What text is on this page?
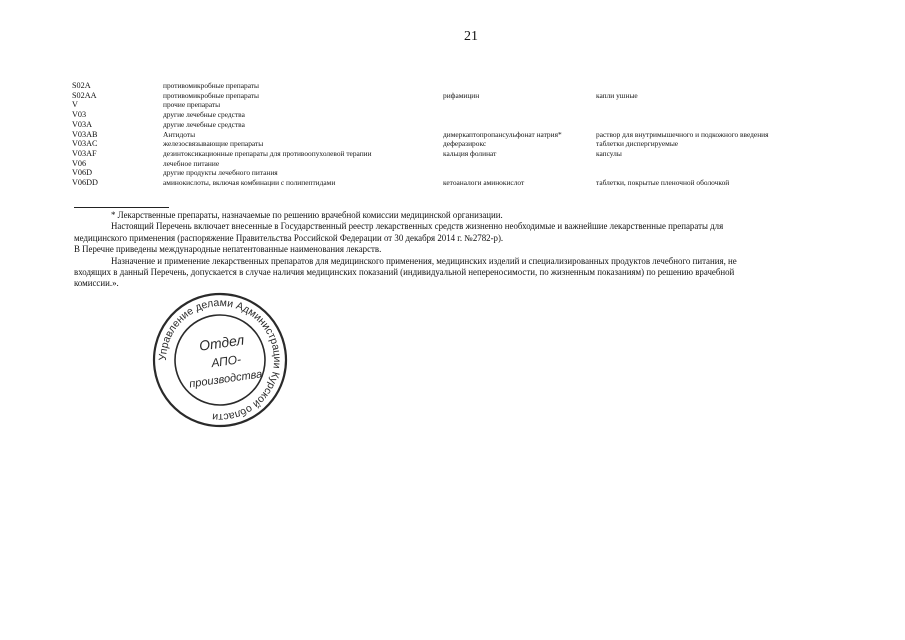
21
S02A	противомикробные препараты		
S02AA	противомикробные препараты	рифамицин	капли ушные
V	прочие препараты		
V03	другие лечебные средства		
V03A	другие лечебные средства		
V03AB	Антидоты	димеркаптопропансульфонат натрия*	раствор для внутримышечного и подкожного введения
V03AC	железосвязывающие препараты	деферазирокс	таблетки диспергируемые
V03AF	дезинтоксикационные препараты для противоопухолевой терапии	кальция фолинат	капсулы
V06	лечебное питание		
V06D	другие продукты лечебного питания		
V06DD	аминокислоты, включая комбинации с полипептидами	кетоаналоги аминокислот	таблетки, покрытые пленочной оболочкой

* Лекарственные препараты, назначаемые по решению врачебной комиссии медицинской организации.

Настоящий Перечень включает внесенные в Государственный реестр лекарственных средств жизненно необходимые и важнейшие лекарственные препараты для медицинского применения (распоряжение Правительства Российской Федерации от 30 декабря 2014 г. №2782-р).

В Перечне приведены международные непатентованные наименования лекарств.

Назначение и применение лекарственных препаратов для медицинского применения, медицинских изделий и специализированных продуктов лечебного питания, не входящих в данный Перечень, допускается в случае наличия медицинских показаний (индивидуальной непереносимости, по жизненным показаниям) по решению врачебной комиссии.».

Управление делами Администрации Курской области
Отдел
АПО-
производства
